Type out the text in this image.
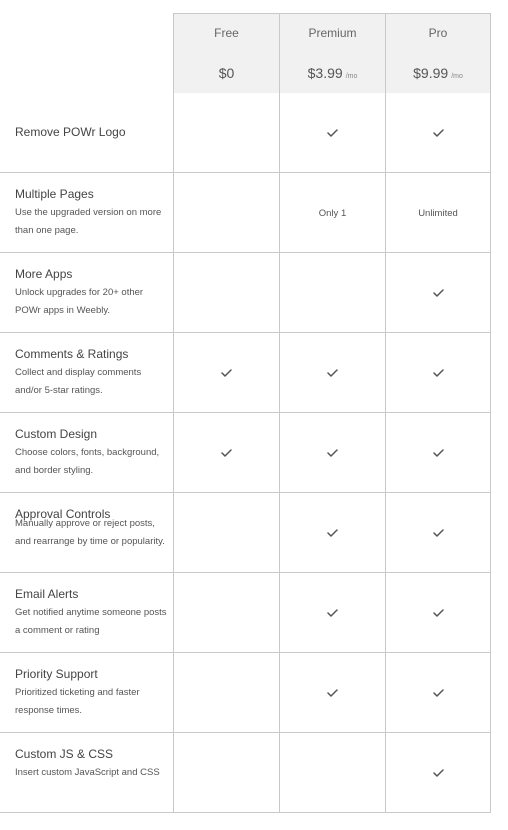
Free
$0
Premium
$3.99 /mo
Pro
$9.99 /mo
Remove POWr Logo
Multiple Pages
Use the upgraded version on more than one page.
Only 1	Unlimited
More Apps
Unlock upgrades for 20+ other POWr apps in Weebly.
Comments & Ratings
Collect and display comments and/or 5-star ratings.
Custom Design
Choose colors, fonts, background, and border styling.
Approval Controls
Manually approve or reject posts, and rearrange by time or popularity.
Email Alerts
Get notified anytime someone posts a comment or rating
Priority Support
Prioritized ticketing and faster response times.
Custom JS & CSS
Insert custom JavaScript and CSS
